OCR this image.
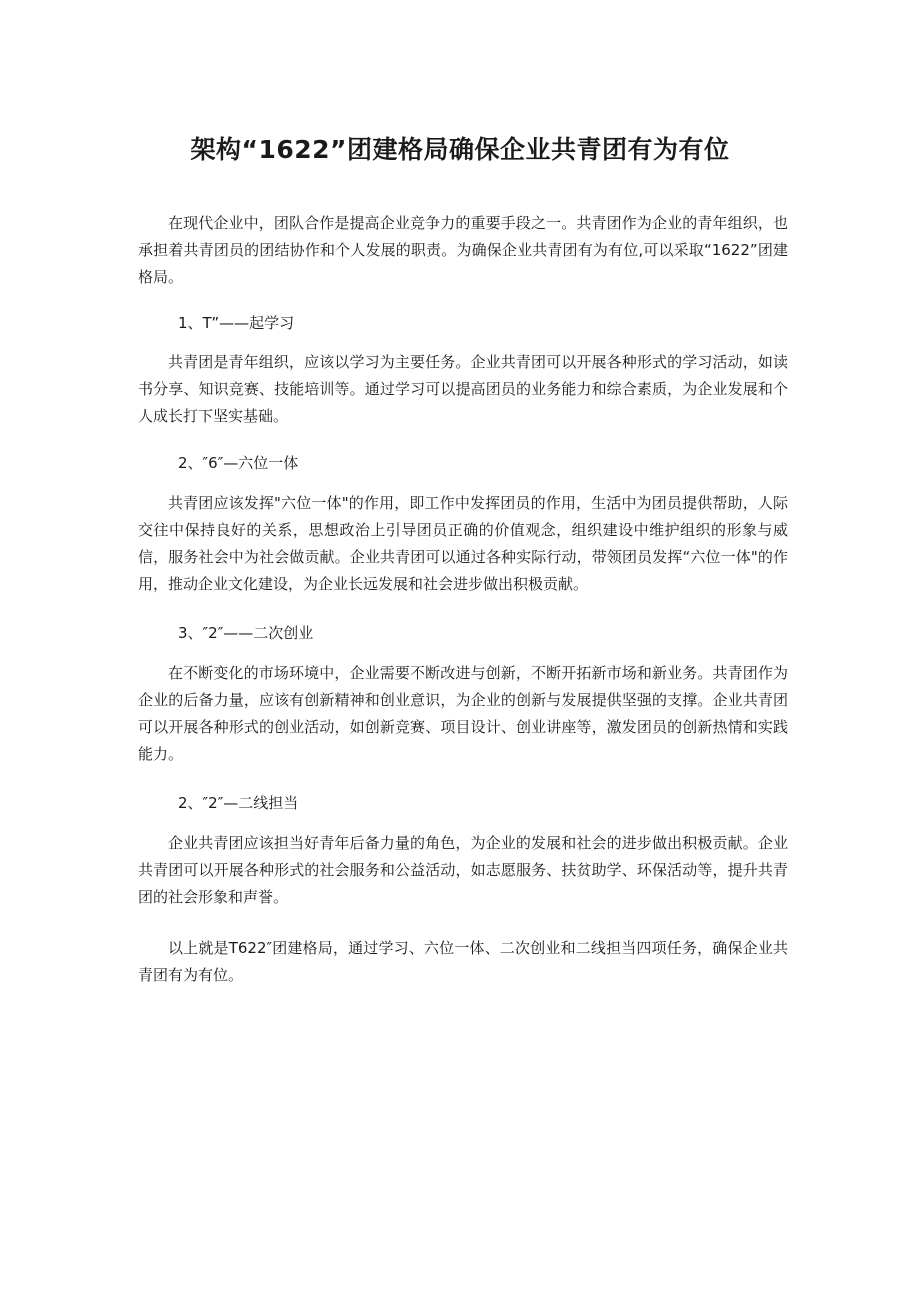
架构“1622”团建格局确保企业共青团有为有位

在现代企业中，团队合作是提高企业竞争力的重要手段之一。共青团作为企业的青年组织，也承担着共青团员的团结协作和个人发展的职责。为确保企业共青团有为有位,可以采取“1622”团建格局。

1、T”——起学习

共青团是青年组织，应该以学习为主要任务。企业共青团可以开展各种形式的学习活动，如读书分享、知识竞赛、技能培训等。通过学习可以提高团员的业务能力和综合素质，为企业发展和个人成长打下坚实基础。

2、″6″—六位一体

共青团应该发挥"六位一体"的作用，即工作中发挥团员的作用，生活中为团员提供帮助，人际交往中保持良好的关系，思想政治上引导团员正确的价值观念，组织建设中维护组织的形象与威信，服务社会中为社会做贡献。企业共青团可以通过各种实际行动，带领团员发挥“六位一体"的作用，推动企业文化建设，为企业长远发展和社会进步做出积极贡献。

3、″2″——二次创业

在不断变化的市场环境中，企业需要不断改进与创新，不断开拓新市场和新业务。共青团作为企业的后备力量，应该有创新精神和创业意识，为企业的创新与发展提供坚强的支撑。企业共青团可以开展各种形式的创业活动，如创新竞赛、项目设计、创业讲座等，激发团员的创新热情和实践能力。

2、″2″—二线担当

企业共青团应该担当好青年后备力量的角色，为企业的发展和社会的进步做出积极贡献。企业共青团可以开展各种形式的社会服务和公益活动，如志愿服务、扶贫助学、环保活动等，提升共青团的社会形象和声誉。

以上就是T622″团建格局，通过学习、六位一体、二次创业和二线担当四项任务，确保企业共青团有为有位。
